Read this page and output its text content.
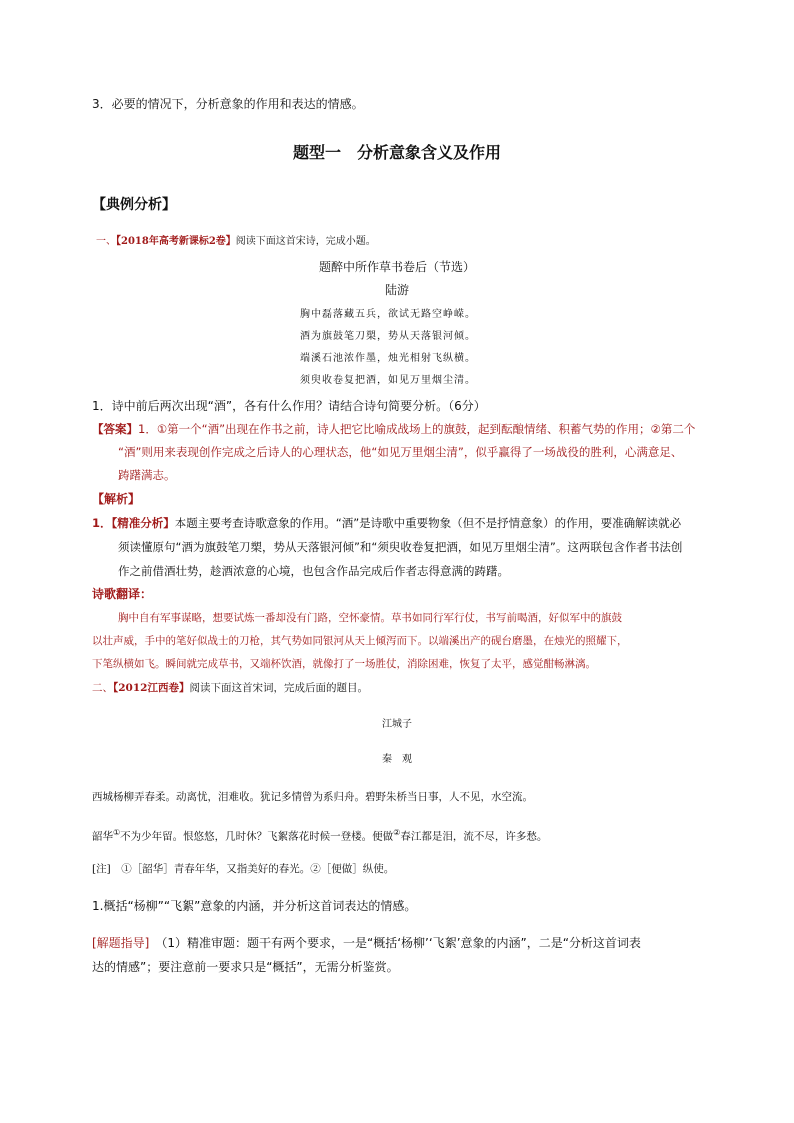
3．必要的情况下，分析意象的作用和表达的情感。
题型一　分析意象含义及作用
【典例分析】
一、【2018年高考新课标2卷】阅读下面这首宋诗，完成小题。
题醉中所作草书卷后（节选）
陆游
胸中磊落藏五兵，欲试无路空峥嵘。
酒为旗鼓笔刀槊，势从天落银河倾。
端溪石池浓作墨，烛光相射飞纵横。
须臾收卷复把酒，如见万里烟尘清。
1．诗中前后两次出现“酒”，各有什么作用？请结合诗句简要分析。（6分）
【答案】1．①第一个“酒”出现在作书之前，诗人把它比喻成战场上的旗鼓，起到酝酿情绪、积蓄气势的作用；②第二个
“酒”则用来表现创作完成之后诗人的心理状态，他“如见万里烟尘清”，似乎赢得了一场战役的胜利，心满意足、
踌躇满志。
【解析】
1．【精准分析】本题主要考查诗歌意象的作用。“酒”是诗歌中重要物象（但不是抒情意象）的作用，要准确解读就必
须读懂原句“酒为旗鼓笔刀槊，势从天落银河倾”和“须臾收卷复把酒，如见万里烟尘清”。这两联包含作者书法创
作之前借酒壮势，趁酒浓意的心境，也包含作品完成后作者志得意满的踌躇。
诗歌翻译：
胸中自有军事谋略，想要试炼一番却没有门路，空怀豪情。草书如同行军行仗，书写前喝酒，好似军中的旗鼓
以壮声威，手中的笔好似战士的刀枪，其气势如同银河从天上倾泻而下。以端溪出产的砚台磨墨，在烛光的照耀下，
下笔纵横如飞。瞬间就完成草书，又端杯饮酒，就像打了一场胜仗，消除困难，恢复了太平，感觉酣畅淋漓。
二、【2012江西卷】阅读下面这首宋词，完成后面的题目。
江城子
秦　观
西城杨柳弄春柔。动离忧，泪难收。犹记多情曾为系归舟。碧野朱桥当日事，人不见，水空流。
韶华①不为少年留。恨悠悠，几时休？飞絮落花时候一登楼。便做②春江都是泪，流不尽，许多愁。
[注]　①［韶华］青春年华，又指美好的春光。②［便做］纵使。
1.概括“杨柳”“飞絮”意象的内涵，并分析这首词表达的情感。
[解题指导]　 （1）精准审题：题干有两个要求，一是“概括‘杨柳’‘飞絮’意象的内涵”，二是“分析这首词表
达的情感”；要注意前一要求只是“概括”，无需分析鉴赏。
